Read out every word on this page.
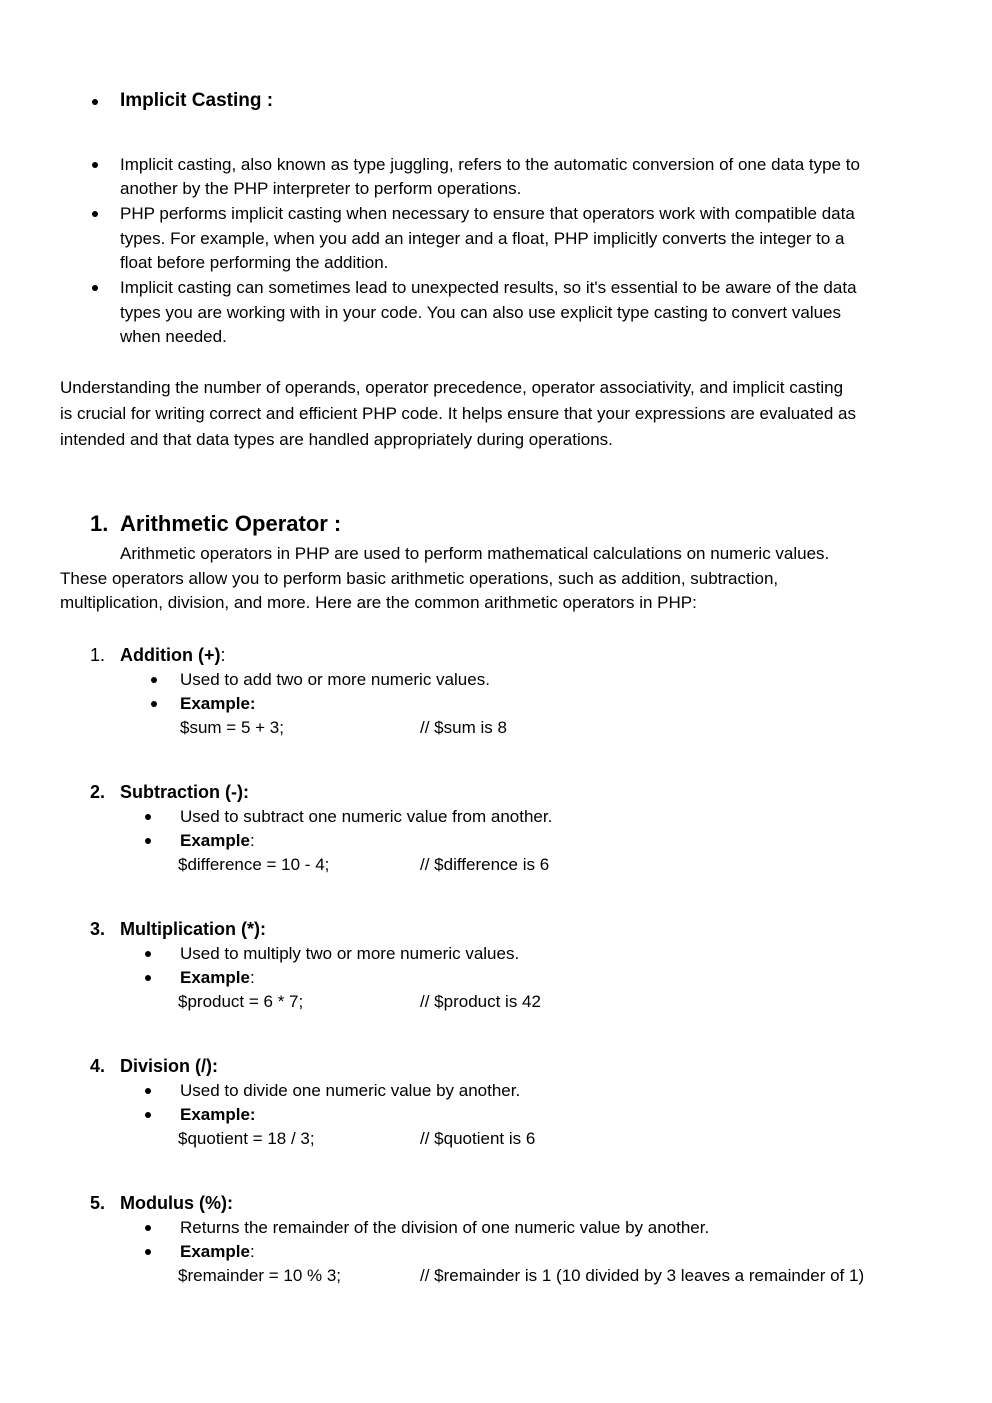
Implicit Casting :
Implicit casting, also known as type juggling, refers to the automatic conversion of one data type to
another by the PHP interpreter to perform operations.
PHP performs implicit casting when necessary to ensure that operators work with compatible data
types. For example, when you add an integer and a float, PHP implicitly converts the integer to a
float before performing the addition.
Implicit casting can sometimes lead to unexpected results, so it's essential to be aware of the data
types you are working with in your code. You can also use explicit type casting to convert values
when needed.
Understanding the number of operands, operator precedence, operator associativity, and implicit casting
is crucial for writing correct and efficient PHP code. It helps ensure that your expressions are evaluated as
intended and that data types are handled appropriately during operations.
1. Arithmetic Operator :
Arithmetic operators in PHP are used to perform mathematical calculations on numeric values.
These operators allow you to perform basic arithmetic operations, such as addition, subtraction,
multiplication, division, and more. Here are the common arithmetic operators in PHP:
1. Addition (+):
Used to add two or more numeric values.
Example:
$sum = 5 + 3;	// $sum is 8
2. Subtraction (-):
Used to subtract one numeric value from another.
Example:
$difference = 10 - 4;	// $difference is 6
3. Multiplication (*):
Used to multiply two or more numeric values.
Example:
$product = 6 * 7;	// $product is 42
4. Division (/):
Used to divide one numeric value by another.
Example:
$quotient = 18 / 3;	// $quotient is 6
5. Modulus (%):
Returns the remainder of the division of one numeric value by another.
Example:
$remainder = 10 % 3;	// $remainder is 1 (10 divided by 3 leaves a remainder of 1)
